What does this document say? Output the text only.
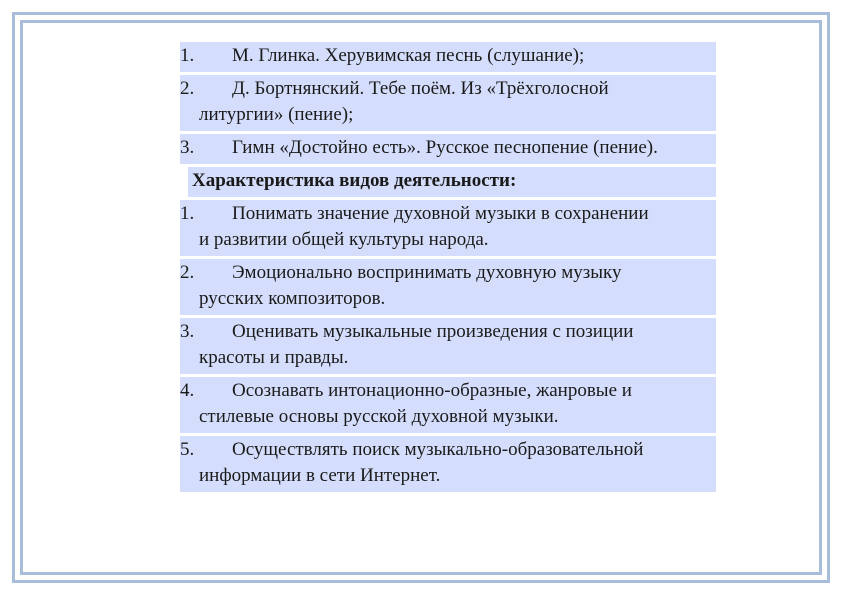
1.	М. Глинка. Херувимская песнь (слушание);
2.	Д. Бортнянский. Тебе поём. Из «Трёхголосной
литургии» (пение);
3.	Гимн «Достойно есть». Русское песнопение (пение).
Характеристика видов деятельности:
1.	Понимать значение духовной музыки в сохранении
и развитии общей культуры народа.
2.	Эмоционально воспринимать духовную музыку
русских композиторов.
3.	Оценивать музыкальные произведения с позиции
красоты и правды.
4.	Осознавать интонационно-образные, жанровые и
стилевые основы русской духовной музыки.
5.	Осуществлять поиск музыкально-образовательной
информации в сети Интернет.
